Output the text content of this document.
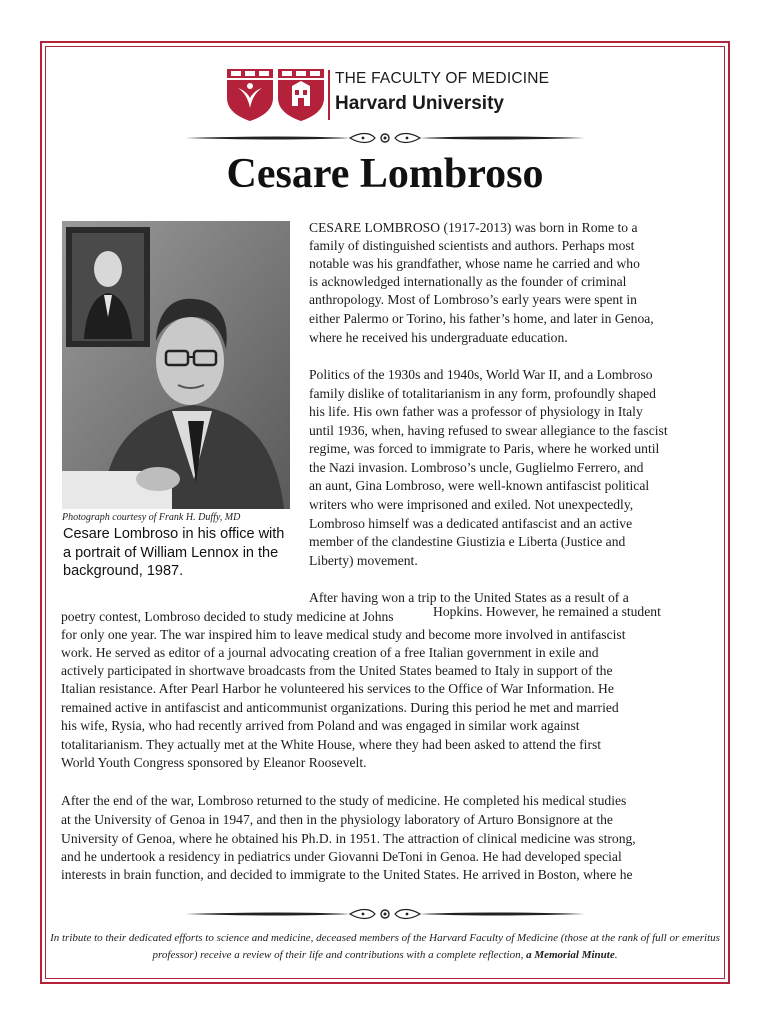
THE FACULTY OF MEDICINE
Harvard University
Cesare Lombroso
Photograph courtesy of Frank H. Duffy, MD
Cesare Lombroso in his office with a portrait of William Lennox in the background, 1987.
CESARE LOMBROSO (1917-2013) was born in Rome to a
family of distinguished scientists and authors. Perhaps most
notable was his grandfather, whose name he carried and who
is acknowledged internationally as the founder of criminal
anthropology. Most of Lombroso’s early years were spent in
either Palermo or Torino, his father’s home, and later in Genoa,
where he received his undergraduate education.
Politics of the 1930s and 1940s, World War II, and a Lombroso
family dislike of totalitarianism in any form, profoundly shaped
his life. His own father was a professor of physiology in Italy
until 1936, when, having refused to swear allegiance to the fascist
regime, was forced to immigrate to Paris, where he worked until
the Nazi invasion. Lombroso’s uncle, Guglielmo Ferrero, and
an aunt, Gina Lombroso, were well-known antifascist political
writers who were imprisoned and exiled. Not unexpectedly,
Lombroso himself was a dedicated antifascist and an active
member of the clandestine Giustizia e Liberta (Justice and
Liberty) movement.
After having won a trip to the United States as a result of a
poetry contest, Lombroso decided to study medicine at Johns	Hopkins. However, he remained a student
for only one year. The war inspired him to leave medical study and become more involved in antifascist
work. He served as editor of a journal advocating creation of a free Italian government in exile and
actively participated in shortwave broadcasts from the United States beamed to Italy in support of the
Italian resistance. After Pearl Harbor he volunteered his services to the Office of War Information. He
remained active in antifascist and anticommunist organizations. During this period he met and married
his wife, Rysia, who had recently arrived from Poland and was engaged in similar work against
totalitarianism. They actually met at the White House, where they had been asked to attend the first
World Youth Congress sponsored by Eleanor Roosevelt.
After the end of the war, Lombroso returned to the study of medicine. He completed his medical studies
at the University of Genoa in 1947, and then in the physiology laboratory of Arturo Bonsignore at the
University of Genoa, where he obtained his Ph.D. in 1951. The attraction of clinical medicine was strong,
and he undertook a residency in pediatrics under Giovanni DeToni in Genoa. He had developed special
interests in brain function, and decided to immigrate to the United States. He arrived in Boston, where he
In tribute to their dedicated efforts to science and medicine, deceased members of the Harvard Faculty of Medicine (those at the rank of full or emeritus professor) receive a review of their life and contributions with a complete reflection, a Memorial Minute.
